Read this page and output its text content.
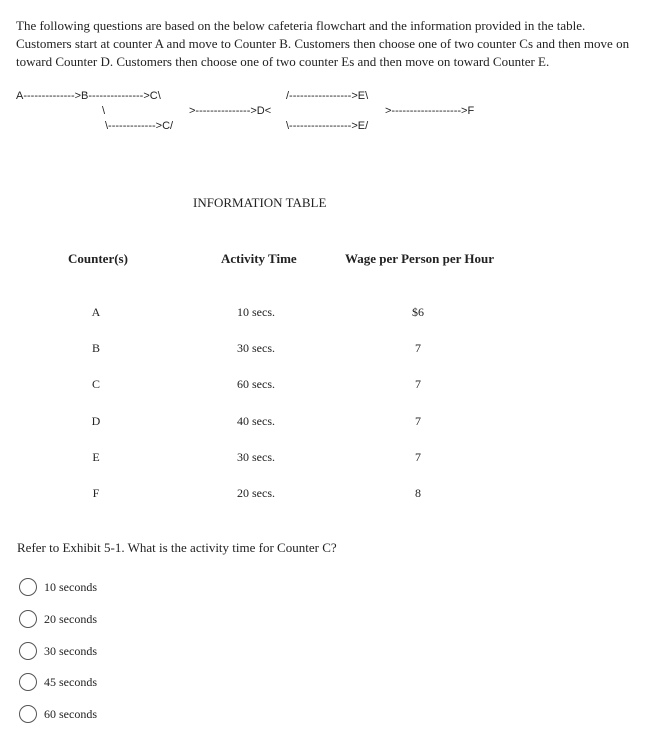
The following questions are based on the below cafeteria flowchart and the information provided in the table.

Customers start at counter A and move to Counter B. Customers then choose one of two counter Cs and then move on

toward Counter D. Customers then choose one of two counter Es and then move on toward Counter E.

A-------------->B--------------->C\	/----------------->E\
\	>--------------->D<	>------------------->F
\------------->C/	\----------------->E/
INFORMATION TABLE
Counter(s)	Activity Time	Wage per Person per Hour
A	10 secs.	$6
B	30 secs.	7
C	60 secs.	7
D	40 secs.	7
E	30 secs.	7
F	20 secs.	8
Refer to Exhibit 5-1. What is the activity time for Counter C?
10 seconds
20 seconds
30 seconds
45 seconds
60 seconds
